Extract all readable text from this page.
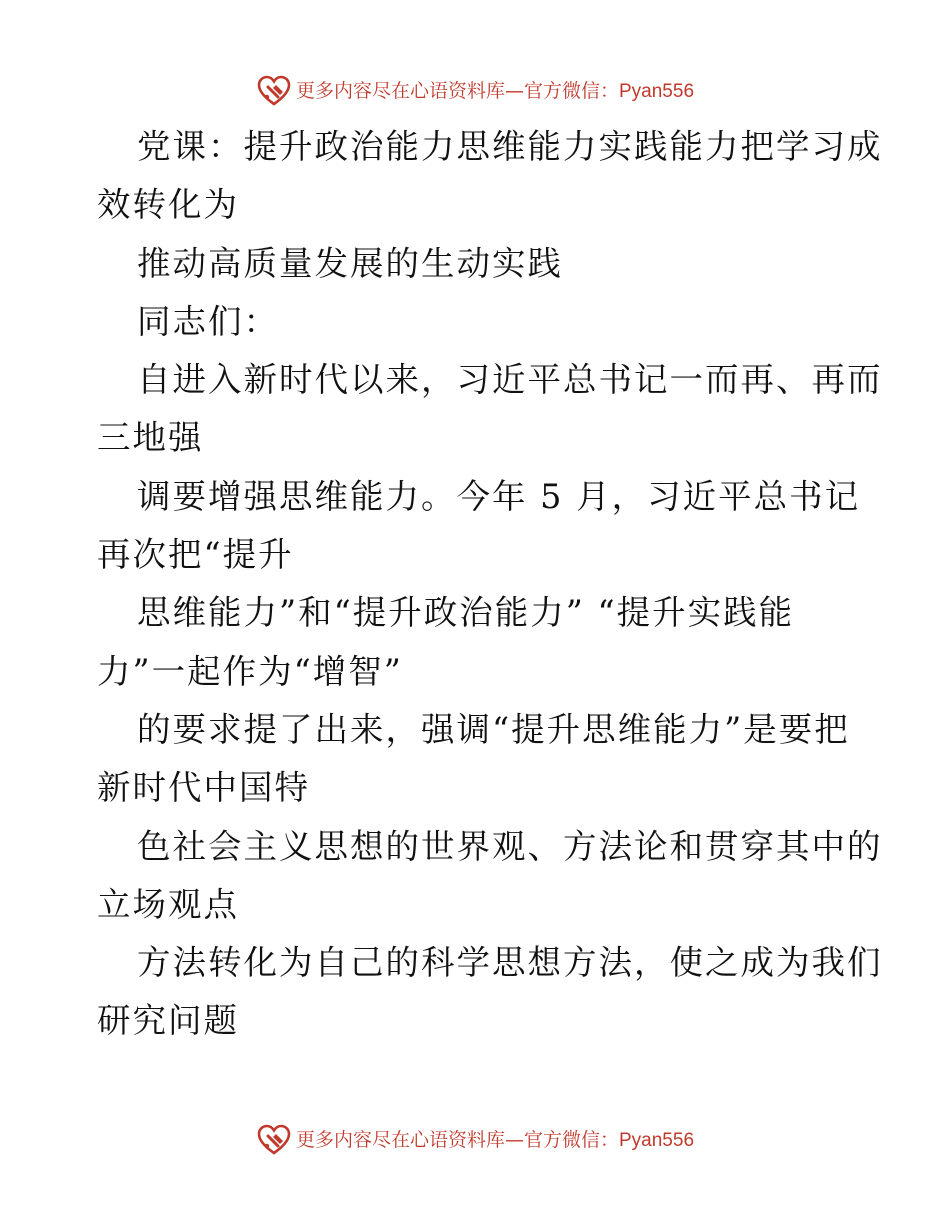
更多内容尽在心语资料库—官方微信：Pyan556
党课：提升政治能力思维能力实践能力把学习成
效转化为
推动高质量发展的生动实践
同志们：
自进入新时代以来，习近平总书记一而再、再而
三地强
调要增强思维能力。今年 5 月，习近平总书记
再次把“提升
思维能力”和“提升政治能力” “提升实践能
力”一起作为“增智”
的要求提了出来，强调“提升思维能力”是要把
新时代中国特
色社会主义思想的世界观、方法论和贯穿其中的
立场观点
方法转化为自己的科学思想方法，使之成为我们
研究问题
更多内容尽在心语资料库—官方微信：Pyan556
